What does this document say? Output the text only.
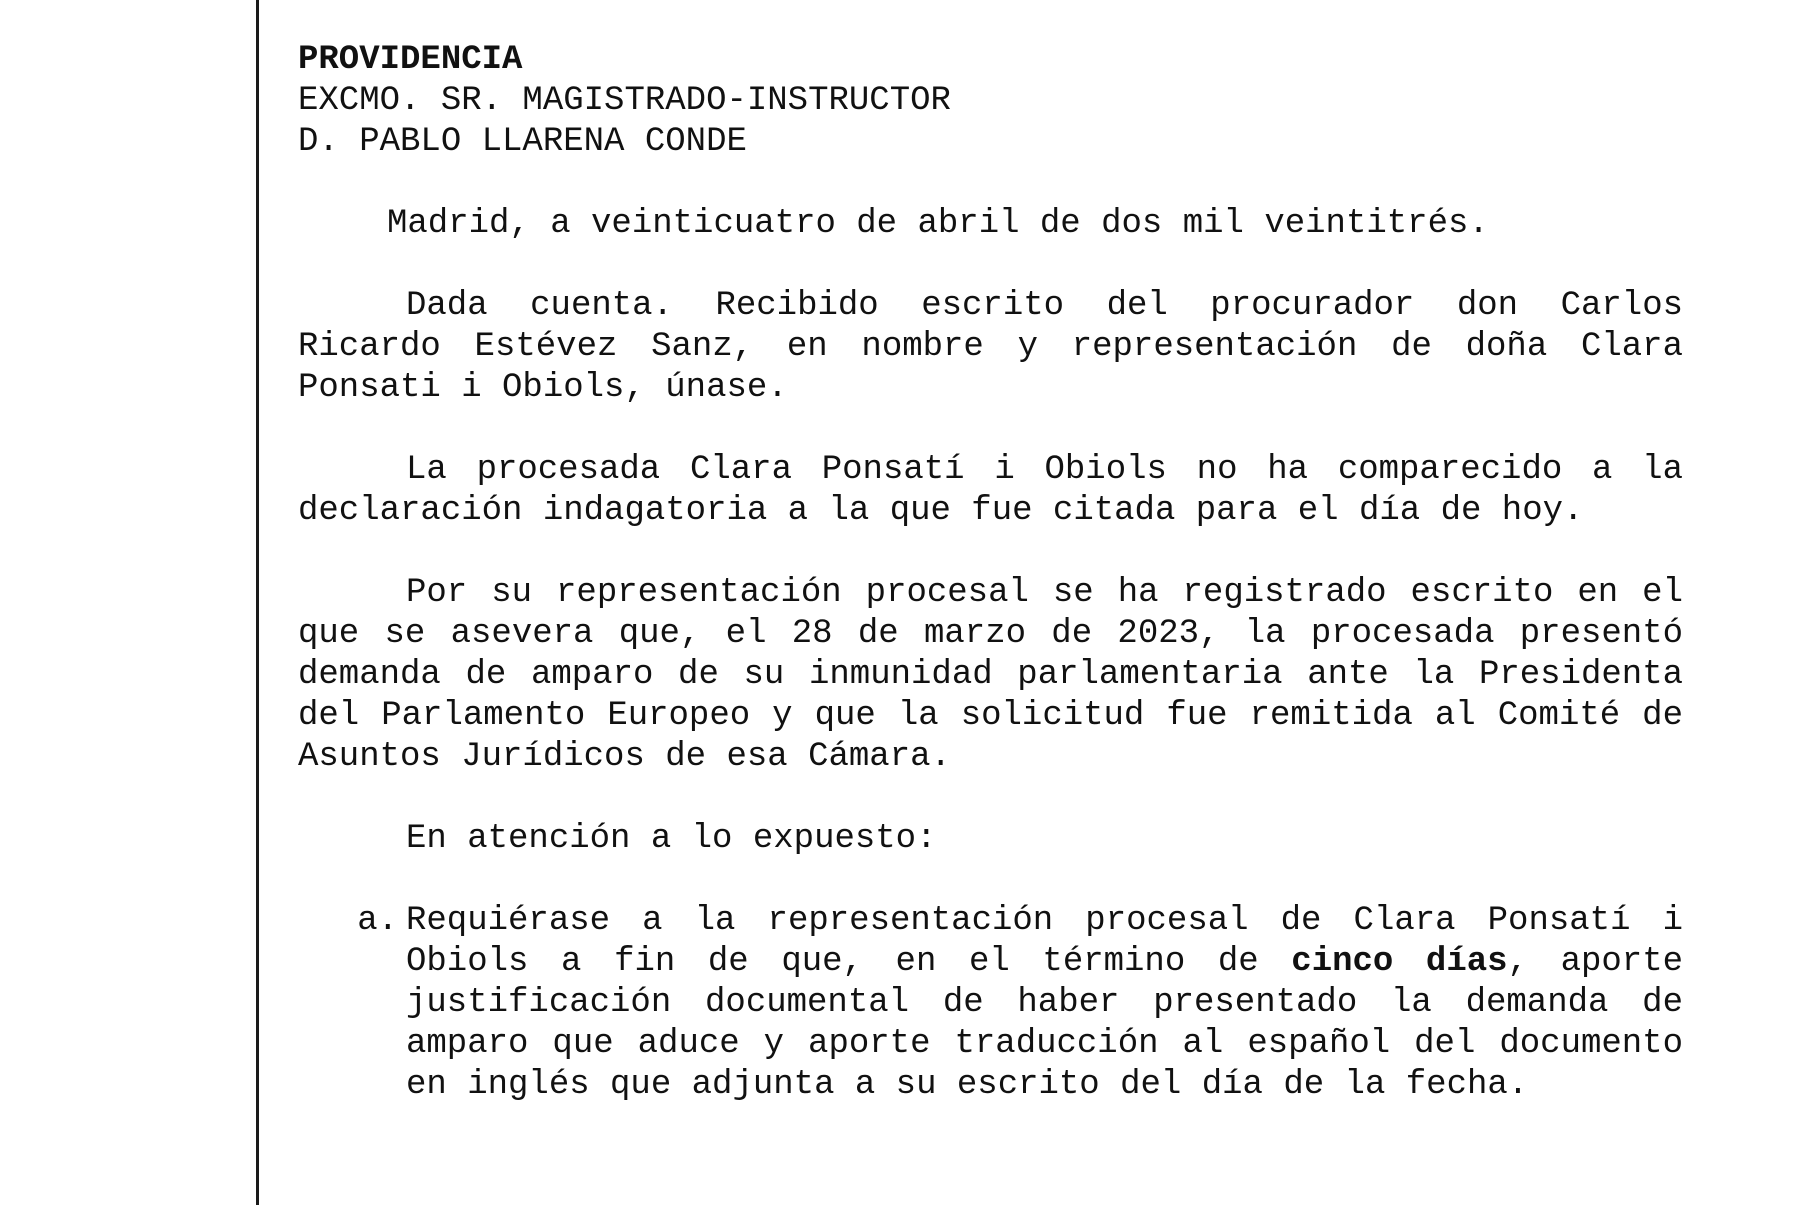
PROVIDENCIA
EXCMO. SR. MAGISTRADO-INSTRUCTOR
D. PABLO LLARENA CONDE
Madrid, a veinticuatro de abril de dos mil veintitrés.
Dada cuenta. Recibido escrito del procurador don Carlos Ricardo Estévez Sanz, en nombre y representación de doña Clara Ponsati i Obiols, únase.
La procesada Clara Ponsatí i Obiols no ha comparecido a la declaración indagatoria a la que fue citada para el día de hoy.
Por su representación procesal se ha registrado escrito en el que se asevera que, el 28 de marzo de 2023, la procesada presentó demanda de amparo de su inmunidad parlamentaria ante la Presidenta del Parlamento Europeo y que la solicitud fue remitida al Comité de Asuntos Jurídicos de esa Cámara.
En atención a lo expuesto:
a. Requiérase a la representación procesal de Clara Ponsatí i Obiols a fin de que, en el término de cinco días, aporte justificación documental de haber presentado la demanda de amparo que aduce y aporte traducción al español del documento en inglés que adjunta a su escrito del día de la fecha.
